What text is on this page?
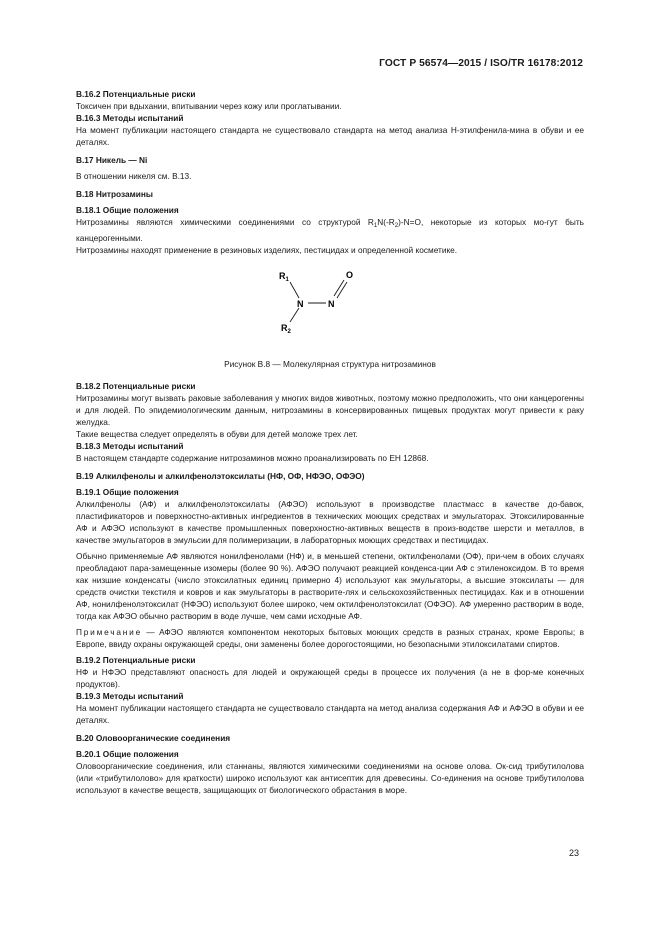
ГОСТ Р 56574—2015 / ISO/TR 16178:2012

В.16.2 Потенциальные риски

Токсичен при вдыхании, впитывании через кожу или проглатывании.

В.16.3 Методы испытаний

На момент публикации настоящего стандарта не существовало стандарта на метод анализа Н-этилфенила-мина в обуви и ее деталях.

В.17 Никель — Ni

В отношении никеля см. В.13.

В.18 Нитрозамины

В.18.1 Общие положения

Нитрозамины являются химическими соединениями со структурой $R_1N(-R_2)-N=O$, некоторые из которых мо-гут быть канцерогенными.

Нитрозамины находят применение в резиновых изделиях, пестицидах и определенной косметике.

$R_1$
N	N
O
$R_2$

Рисунок В.8 — Молекулярная структура нитрозаминов

В.18.2 Потенциальные риски

Нитрозамины могут вызвать раковые заболевания у многих видов животных, поэтому можно предположить, что они канцерогенны и для людей. По эпидемиологическим данным, нитрозамины в консервированных пищевых продуктах могут привести к раку желудка.

Такие вещества следует определять в обуви для детей моложе трех лет.

В.18.3 Методы испытаний

В настоящем стандарте содержание нитрозаминов можно проанализировать по ЕН 12868.

В.19 Алкилфенолы и алкилфенолэтоксилаты (НФ, ОФ, НФЭО, ОФЭО)

В.19.1 Общие положения

Алкилфенолы (АФ) и алкилфенолэтоксилаты (АФЭО) используют в производстве пластмасс в качестве до-бавок, пластификаторов и поверхностно-активных ингредиентов в технических моющих средствах и эмульгаторах. Этоксилированные АФ и АФЭО используют в качестве промышленных поверхностно-активных веществ в произ-водстве шерсти и металлов, в качестве эмульгаторов в эмульсии для полимеризации, в лабораторных моющих средствах и пестицидах.

Обычно применяемые АФ являются нонилфенолами (НФ) и, в меньшей степени, октилфенолами (ОФ), при-чем в обоих случаях преобладают пара-замещенные изомеры (более 90 %). АФЭО получают реакцией конденса-ции АФ с этиленоксидом. В то время как низшие конденсаты (число этоксилатных единиц примерно 4) используют как эмульгаторы, а высшие этоксилаты — для средств очистки текстиля и ковров и как эмульгаторы в растворите-лях и сельскохозяйственных пестицидах. Как и в отношении АФ, нонилфенолэтоксилат (НФЭО) используют более широко, чем октилфенолэтоксилат (ОФЭО). АФ умеренно растворим в воде, тогда как АФЭО обычно растворим в воде лучше, чем сами исходные АФ.

Примечание — АФЭО являются компонентом некоторых бытовых моющих средств в разных странах, кроме Европы; в Европе, ввиду охраны окружающей среды, они заменены более дорогостоящими, но безопасными этилоксилатами спиртов.

В.19.2 Потенциальные риски

НФ и НФЭО представляют опасность для людей и окружающей среды в процессе их получения (а не в фор-ме конечных продуктов).

В.19.3 Методы испытаний

На момент публикации настоящего стандарта не существовало стандарта на метод анализа содержания АФ и АФЭО в обуви и ее деталях.

В.20 Оловоорганические соединения

В.20.1 Общие положения

Оловоорганические соединения, или станнаны, являются химическими соединениями на основе олова. Ок-сид трибутилолова (или «трибутилолово» для краткости) широко используют как антисептик для древесины. Со-единения на основе трибутилолова используют в качестве веществ, защищающих от биологического обрастания в море.

23
